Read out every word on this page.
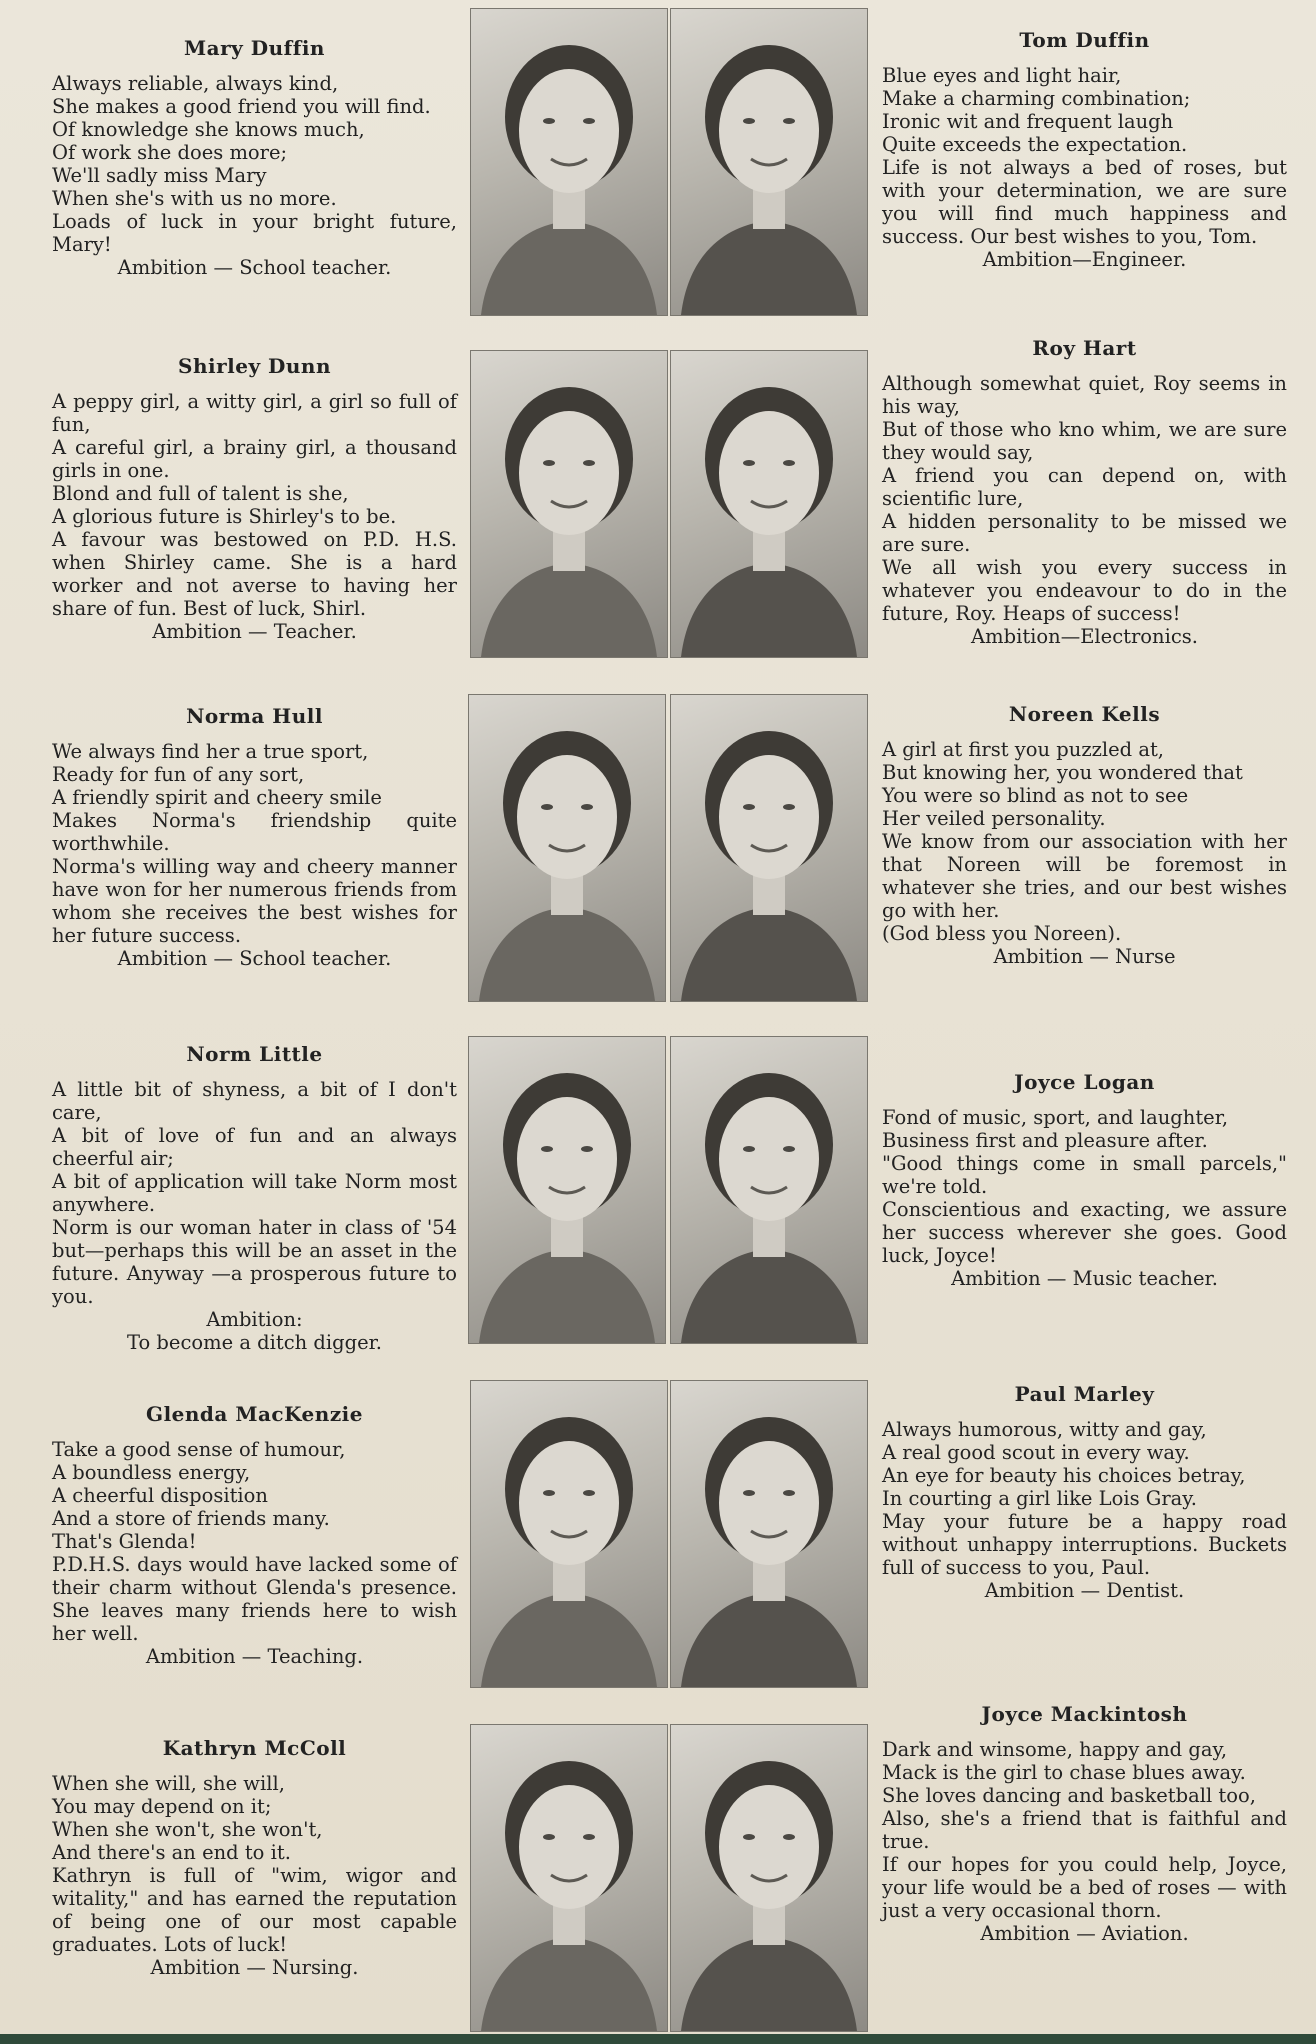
Mary Duffin
Always reliable, always kind,
She makes a good friend you will find.
Of knowledge she knows much,
Of work she does more;
We'll sadly miss Mary
When she's with us no more.
Loads of luck in your bright future, Mary!
Ambition — School teacher.
Tom Duffin
Blue eyes and light hair,
Make a charming combination;
Ironic wit and frequent laugh
Quite exceeds the expectation.
Life is not always a bed of roses, but with your determination, we are sure you will find much happiness and success. Our best wishes to you, Tom.
Ambition—Engineer.
Shirley Dunn
A peppy girl, a witty girl, a girl so full of fun,
A careful girl, a brainy girl, a thousand girls in one.
Blond and full of talent is she,
A glorious future is Shirley's to be.
A favour was bestowed on P.D. H.S. when Shirley came. She is a hard worker and not averse to having her share of fun. Best of luck, Shirl.
Ambition — Teacher.
Roy Hart
Although somewhat quiet, Roy seems in his way,
But of those who kno whim, we are sure they would say,
A friend you can depend on, with scientific lure,
A hidden personality to be missed we are sure.
We all wish you every success in whatever you endeavour to do in the future, Roy. Heaps of success!
Ambition—Electronics.
Norma Hull
We always find her a true sport,
Ready for fun of any sort,
A friendly spirit and cheery smile
Makes Norma's friendship quite worthwhile.
Norma's willing way and cheery manner have won for her numerous friends from whom she receives the best wishes for her future success.
Ambition — School teacher.
Noreen Kells
A girl at first you puzzled at,
But knowing her, you wondered that
You were so blind as not to see
Her veiled personality.
We know from our association with her that Noreen will be foremost in whatever she tries, and our best wishes go with her.
(God bless you Noreen).
Ambition — Nurse
Norm Little
A little bit of shyness, a bit of I don't care,
A bit of love of fun and an always cheerful air;
A bit of application will take Norm most anywhere.
Norm is our woman hater in class of '54 but—perhaps this will be an asset in the future. Anyway —a prosperous future to you.
Ambition:
To become a ditch digger.
Joyce Logan
Fond of music, sport, and laughter,
Business first and pleasure after.
"Good things come in small parcels," we're told.
Conscientious and exacting, we assure her success wherever she goes. Good luck, Joyce!
Ambition — Music teacher.
Glenda MacKenzie
Take a good sense of humour,
A boundless energy,
A cheerful disposition
And a store of friends many.
That's Glenda!
P.D.H.S. days would have lacked some of their charm without Glenda's presence. She leaves many friends here to wish her well.
Ambition — Teaching.
Paul Marley
Always humorous, witty and gay,
A real good scout in every way.
An eye for beauty his choices betray,
In courting a girl like Lois Gray.
May your future be a happy road without unhappy interruptions. Buckets full of success to you, Paul.
Ambition — Dentist.
Kathryn McColl
When she will, she will,
You may depend on it;
When she won't, she won't,
And there's an end to it.
Kathryn is full of "wim, wigor and witality," and has earned the reputation of being one of our most capable graduates. Lots of luck!
Ambition — Nursing.
Joyce Mackintosh
Dark and winsome, happy and gay,
Mack is the girl to chase blues away.
She loves dancing and basketball too,
Also, she's a friend that is faithful and true.
If our hopes for you could help, Joyce, your life would be a bed of roses — with just a very occasional thorn.
Ambition — Aviation.
